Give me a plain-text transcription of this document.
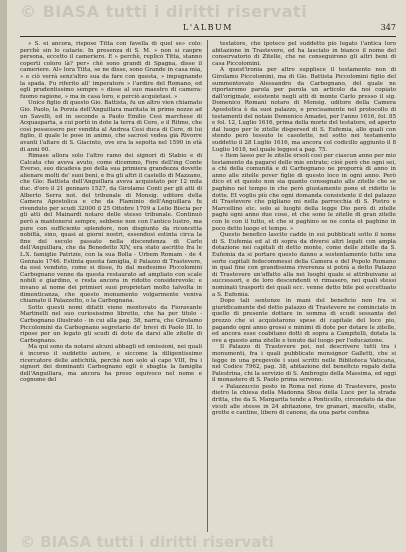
© BIASA tutti i diritti riservati
L'ALBUM	347

» S. ei ancora, rispose Titta con favella di quel se» colo: perchè sin lo catarie. In presenza di S. M. » non si caopre persona, eccetto il cameriero. E » perchè, replicò Titta, stanno coperti coloro là? per» chè sono grandi di Spagna, disse il cameriere. Al» lora Titta, se ne disse, sono Grande in casa mia, » e ciò verrà senz'altro sua da fare con questa, » impugnando la spada. Fu riferito all' imperatore » l'ardire del Romano, ed egli prudentissimo sempre » disse al suo maestro di camera: fuomo ragione, » ma in casa loro, e perciò acquietasi. »

Unico figlio di questo Gio. Battista, fu un altro vien chiamato Gio. Paolo, la Porzia dell'Anguillara maritata in prime nozze ad un Savelli, ed in seconde a Paolo Emilio Cesi marchese di Acquasparta, a cui portò in dote la terra di Cere, e il Ritmo, che così possessero per vendita al Andrea Cesi duca di Cere, di lui figlio, il quale le pose in animo, che sacrosi vedea già Rivorre avanti l'altare di S. Giacinto, ove era la sepolta nel 1590 in età di anni 60.

Rimase allora solo l'altro ramo dei signori di Stabio e di Calcata che aveva avuto, come dicemmo, Fore dell'ing Conte Everso, suo dicadeva poi della sua primiera grandezza dovette alienare molti de' suoi beni, e fra gli altri il castello di Mazzano, che Gio: Battista dell'Anguillara aveva acquistato per 12 mila duc. d'oro il 21 gennaro 1527, da Girolamo Conti per gli atti di Alberto Serra not. del tribunale di Monsig. uditore della Camera Apostolica e che da Flaminio dell'Anguillara fu rivenduto per scudi 32000 il 25 Ottobre 1709 a Lelio Biscia per gli atti del Mainardi notaro delle stesso tribunale. Continuò però a mantenersi sempre, sebbene non con l'antico lustro, ma pure con sufficiente splendore, non disgiunto da riconcetta nobiltà, sino, quasi ai giorni nostri, essendosi estinta circa la fine del secolo passato nella discendenza di Carlo dell'Anguillara, che da Benedetto XIV, era stato ascritto fra le L.X. famiglie Patrizie, con la sua Bolla - Urbem Romam - de 4 Gennaio 1746. Estinta questa famiglia, il Palazzo di Trastevere, da essi venduto, come si disse, fu dal medesimo Piccolomini Carbognano venne da questa restaurato ad ampliato con scale nobili e giardino, e resta ancora in ridotto considerevole; e invano al nome dei primieri suoi proprietari molto talvolta in dimenticanza, che questo monumento volgarmente veniva chiamato il Palazzetto, o la Carbognana.

Sotto questi nomi difatti viene mentovato da Fioravante Martinelli nel suo curiosissimo libretto, che ha per titolo - Carbognano illustrato - in cui alla pag. 38, narra, che Girolamo Piccolomini da Carbognano segretario de' brevi di Paolo III. lo ripose per un legato gli scudi di dote da darsi alle zitelle di Carbognano.

Ma qui sono da notarsi alcuni abbagli ed omissioni, nei quali è incorso il suddetto autore, e siccome la diligentissimo ricercatore delle antichità, perchè non solo al capo VIII, fra i signori dei dominanti Carbognano egli è sbaglia la famiglia dell'Anguillara, ma ancora ha preso equivoco nel nome e cognome del

testatore, che ipoteco pel suddetto pio legato l'antica loro abitazione in Trastevere, ed ha lasciato in bianco il nome del conservatorio di Zitelle, che ne conseguirono gli altri beni di casa Piccolomini.

A quest'ironia per altro supplisce il testamento non di Girolamo Piccolomini, ma di Gio. Battista Piccolomini figlio del summentovato Alessandro da Carbognano, del quale ne riporteremo parola per parola un articolo da noi copiato dall'originale, esistente negli atti di monte Carlo presso il sig. Domenico Romani notaro di Monsig. uditore della Camera Apostolica è da suoi palazzo, e precisamente nel protocollo di testamenti del notaio Domenico Amadei, per l'anno 1616, fol. 85 e fol. 12, Luglio 1616, prima della morte del testatore, ed aperto dal luogo per le zitelle dispersed di S. Eufemia, allo quali con stendo però tessuto le casolette, nel sotto nei testamento suddetto il 28 Luglio 1616, ma ancora col codicillo aggiunto il 8 Luglio 1618, nel quale leggesi a pag. 75.

« Item lasso per le zitelle orsoli così per ciascun anno per mio testamento da pagarsi delle mie entrate; cioè però che ogni sei, a chi della comunità e di Carbognano ne proporrà di anno in anno alle zitelle pover figlie di questo loco in ogni anno. Però dico et et questo non sia quanto consegnato alle zitelle che se paghino nel tempo in che però giustamente pone et ridotto le dotte. Et voglio più che ogni domanda consistente il del palazzo di Trastevere che pigliano mi nella parrocchia di S. Pietro e Marcellino etc. solo ai luoghi della legge Dio però di zitelle paghi ogni anno due cose, et che sono le zitelle di gran zitelle con le con il tutto, et che si paghino se ne conta et paghino in poco detto luogo et tempo. »

Questo benefico lascito cadde in sui pubblicati sotto il nome di S. Eufemia ed al di sopra da diversi altri legati con ampla dotazione nei capitali di detto monte, come delle zitelle da S. Eufemia da si portare questo danno a sostentamento tutte una sorte capitali fedecommessi della Camera e del Popolo Romano in qual fine con grandissima riverenza si potrà a detto Palazzo di Trastevere un'affatto alla nei luoghi quale si attribuivano ai successori, e de loro descendenti vi rimasero, nei quali stessi nominati trasporti dei quali ecc. venne detto bile poi eccettuato a S. Eufemia.

Dopo tali sentenze in mani del beneficio non fra si giuridicamente del detto palazzo di Trastevere ne cominciato in quello di presente dottare in somma di scudi sessanta del prezzo che si acquistarono spese di capitale del loco pio, pagando ogni anno grossi e minimi di dote per dotare le zitelle, ed ancora esse coabitano dotti di sopra a Campitelli, dotata la ove a questo ama zitelle e tenuto dal luogo per l'educazione.

Il Palazzo di Trastevere poi, nel descrivere tutti tra i monumenti, fra i quali pubblicate monsignor Galletti, che si legge in una pregevole i suoi scritti nelle Biblioteca Vaticana, nel Codice 7962, pag. 38, abitazione del beneficio regalo della Palestrina, chi la servizio di S. Ambrogio della Massima, ed oggi il monastero di S. Paolo prima servono.

» Palazzuccio posto in Roma nel rione di Trastevere, posto dietro la chiesa della Madonna Sboa della Luce per la strada dritta, che da S. Margarita tende a Ponticello, circondato da due vicoli alle stesse in 24 abitazione, tre granari, macello, stalle, grotte e cantine, libero di canone, da una parte confina

© BIASA tutti i diritti riservati
